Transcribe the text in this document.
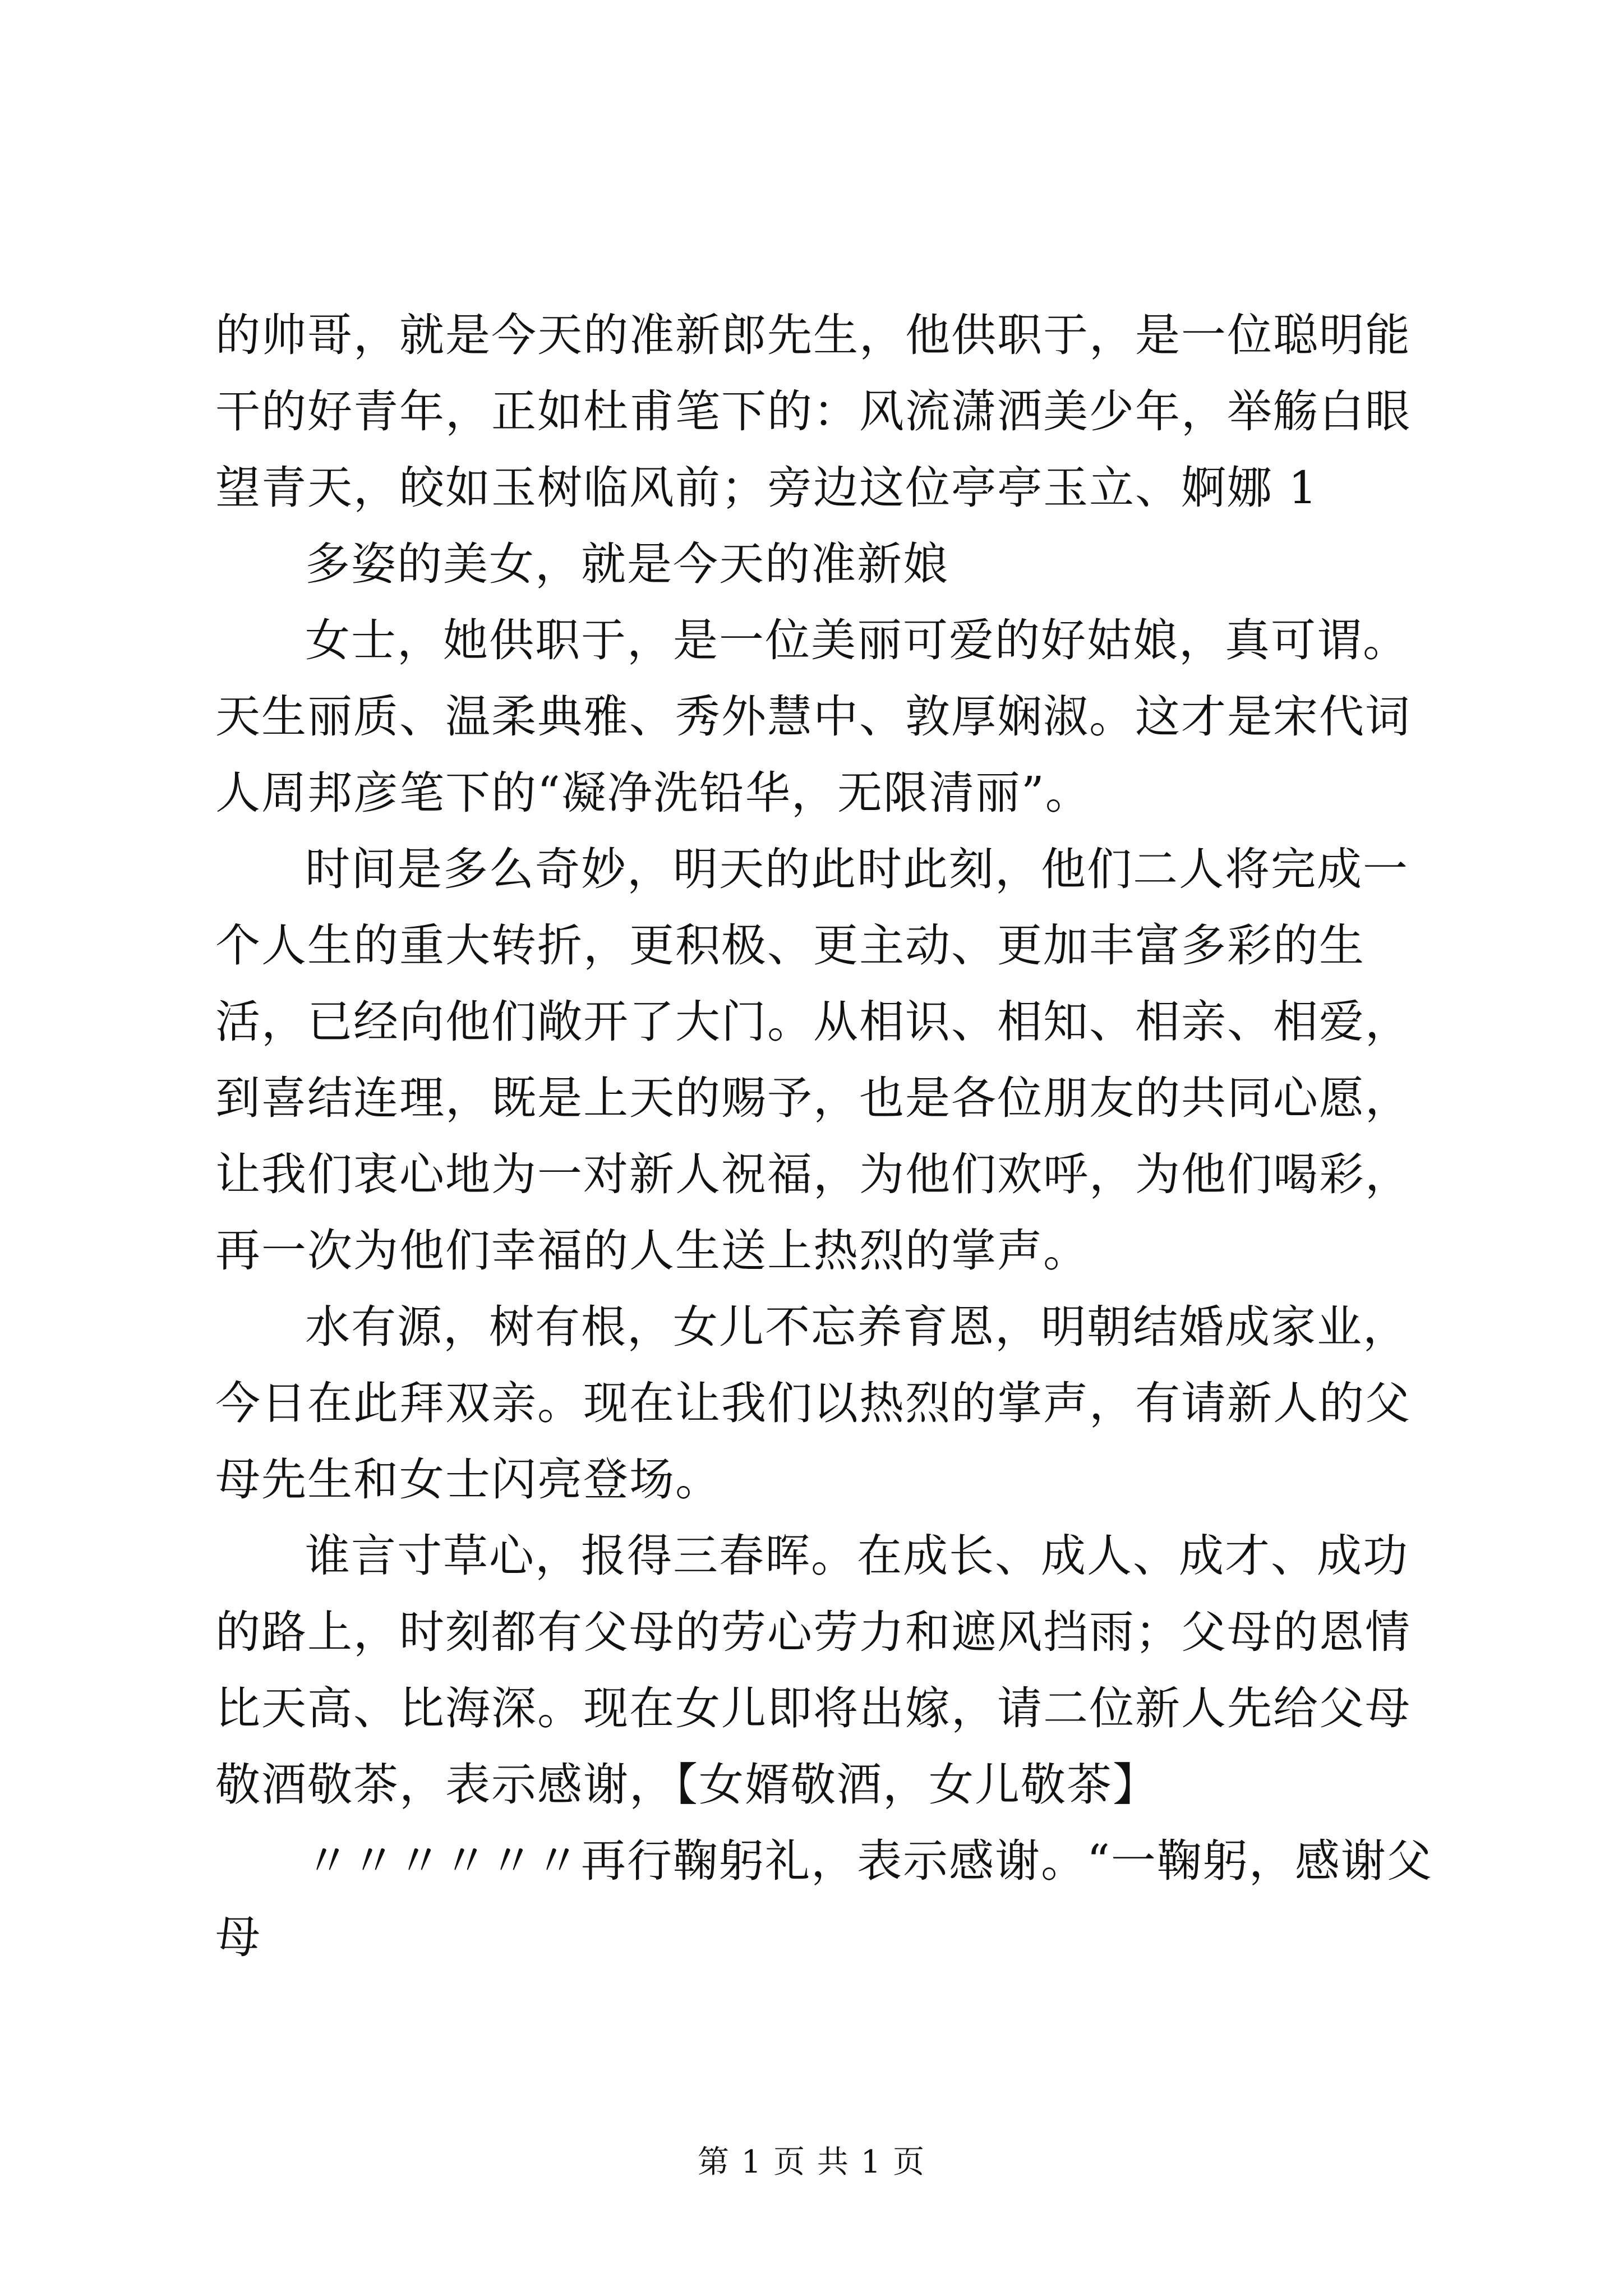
的帅哥，就是今天的准新郎先生，他供职于，是一位聪明能干的好青年，正如杜甫笔下的：风流潇洒美少年，举觞白眼望青天，皎如玉树临风前；旁边这位亭亭玉立、婀娜 1

多姿的美女，就是今天的准新娘

女士，她供职于，是一位美丽可爱的好姑娘，真可谓。天生丽质、温柔典雅、秀外慧中、敦厚娴淑。这才是宋代词人周邦彦笔下的“凝净洗铅华，无限清丽”。

时间是多么奇妙，明天的此时此刻，他们二人将完成一个人生的重大转折，更积极、更主动、更加丰富多彩的生活，已经向他们敞开了大门。从相识、相知、相亲、相爱，到喜结连理，既是上天的赐予，也是各位朋友的共同心愿，让我们衷心地为一对新人祝福，为他们欢呼，为他们喝彩，再一次为他们幸福的人生送上热烈的掌声。

水有源，树有根，女儿不忘养育恩，明朝结婚成家业，今日在此拜双亲。现在让我们以热烈的掌声，有请新人的父母先生和女士闪亮登场。

谁言寸草心，报得三春晖。在成长、成人、成才、成功的路上，时刻都有父母的劳心劳力和遮风挡雨；父母的恩情比天高、比海深。现在女儿即将出嫁，请二位新人先给父母敬酒敬茶，表示感谢，【女婿敬酒，女儿敬茶】

〃〃〃〃〃〃再行鞠躬礼，表示感谢。“一鞠躬，感谢父母

第 1 页 共 1 页
